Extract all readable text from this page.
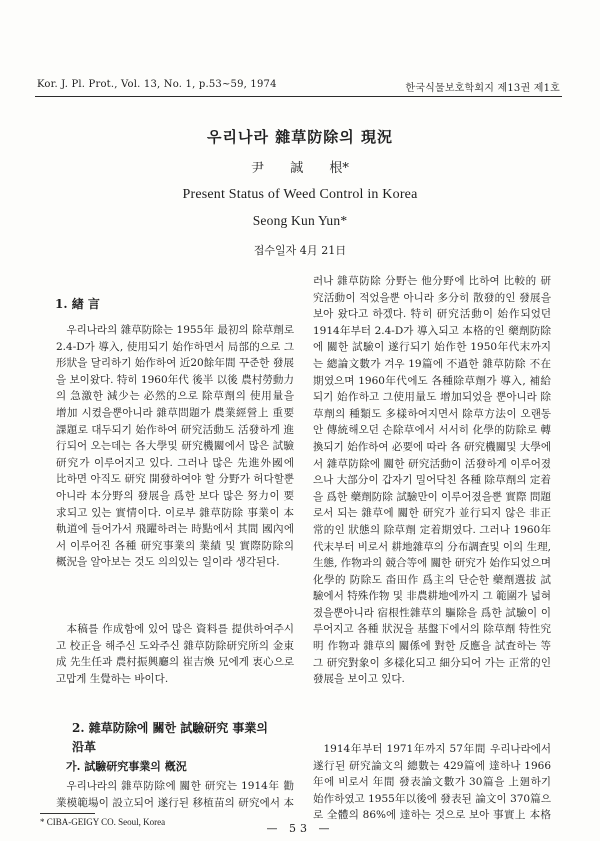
Kor. J. Pl. Prot., Vol. 13, No. 1, p.53~59, 1974	한국식물보호학회지 제13권 제1호
우리나라 雜草防除의 現況
尹 誠 根*
Present Status of Weed Control in Korea
Seong Kun Yun*
접수일자 4月 21日
1. 緖 言
우리나라의 雜草防除는 1955年 最初의 除草劑로 2.4-D가 導入, 使用되기 始作하면서 局部的으로 그 形狀을 달리하기 始作하여 近20餘年間 꾸준한 發展을 보이왔다. 特히 1960年代 後半 以後 農村勞動力의 急激한 減少는 必然的으로 除草劑의 使用量을 增加 시켰을뿐아니라 雜草問題가 農業經營上 重要課題로 대두되기 始作하여 研究活動도 活發하게 進行되어 오는데는 各大學및 研究機關에서 많은 試驗研究가 이루어지고 있다. 그러나 많은 先進外國에 比하면 아직도 研究 開發하여야 할 分野가 허다할뿐아니라 本分野의 發展을 爲한 보다 많은 努力이 要求되고 있는 實情이다. 이로부 雜草防除 事業이 本軌道에 들어가서 飛躍하려는 時點에서 其間 國內에서 이루어진 各種 研究事業의 業績 및 實際防除의 概況을 알아보는 것도 의의있는 일이라 생각된다.
本稿를 作成함에 있어 많은 資料를 提供하여주시고 校正을 해주신 도와주신 雜草防除研究所의 金東成 先生任과 農村振興廳의 崔吉煥 兄에게 衷心으로 고맙게 生覺하는 바이다.
2. 雜草防除에 關한 試驗研究 事業의 沿革
가. 試驗研究事業의 槪況
우리나라의 雜草防除에 關한 研究는 1914年 勸業模範場이 設立되어 遂行된 移植苗의 研究에서 本
러나 雜草防除 分野는 他分野에 比하여 比較的 研究活動이 적었을뿐 아니라 多分히 散發的인 發展을 보아 왔다고 하겠다. 特히 研究活動이 始作되었던 1914年부터 2.4-D가 導入되고 本格的인 藥劑防除에 關한 試驗이 遂行되기 始作한 1950年代末까지는 總論文數가 겨우 19篇에 不過한 雜草防除 不在期였으며 1960年代에도 各種除草劑가 導入, 補給되기 始作하고 그使用量도 增加되었을 뿐아니라 除草劑의 種類도 多樣하여지면서 除草方法이 오랜동안 傳統해오던 손除草에서 서서히 化學的防除로 轉換되기 始作하여 必要에 따라 各 研究機關및 大學에서 雜草防除에 關한 研究活動이 活發하게 이루어졌으나 大部分이 갑자기 밀어닥친 各種 除草劑의 定着을 爲한 藥劑防除 試驗만이 이루어졌을뿐 實際 問題로서 되는 雜草에 關한 研究가 並行되지 않은 非正常的인 狀態의 除草劑 定着期였다. 그러나 1960年代末부터 비로서 耕地雜草의 分布調査및 이의 生理, 生態, 作物과의 競合等에 關한 研究가 始作되었으며 化學的 防除도 畓田作 爲主의 단순한 藥劑選拔 試驗에서 特殊作物 및 非農耕地에까지 그 範圍가 넓혀졌을뿐아니라 宿根性雜草의 驅除을 爲한 試驗이 이루어지고 各種 狀況을 基盤下에서의 除草劑 特性究明 作物과 雜草의 關係에 對한 反應을 試査하는 等 그 研究對象이 多樣化되고 細分되어 가는 正常的인 發展을 보이고 있다.
1914年부터 1971年까지 57年間 우리나라에서 遂行된 研究論文의 總數는 429篇에 達하나 1966年에 비로서 年間 發表論文數가 30篇을 上廻하기 始作하였고 1955年以後에 發表된 論文이 370篇으로 全體의 86%에 達하는 것으로 보아 事實上 本格
* CIBA-GEIGY CO. Seoul, Korea	— 53 —
